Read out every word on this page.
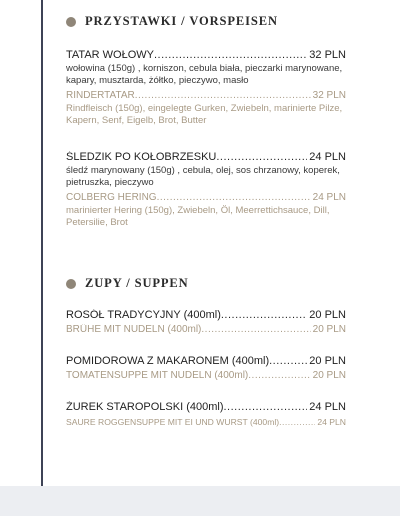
PRZYSTAWKI / VORSPEISEN
TATAR WOŁOWY .....	32 PLN
wołowina (150g) , korniszon, cebula biała, pieczarki marynowane, kapary, musztarda, żółtko, pieczywo, masło
RINDERTATAR .....	32 PLN
Rindfleisch (150g), eingelegte Gurken, Zwiebeln, marinierte Pilze, Kapern, Senf, Eigelb, Brot, Butter
ŚLEDZIK PO KOŁOBRZESKU .....	24 PLN
śledź marynowany (150g) , cebula, olej, sos chrzanowy, koperek, pietruszka, pieczywo
COLBERG HERING .....	24 PLN
marinierter Hering (150g), Zwiebeln, Öl, Meerrettichsauce, Dill, Petersilie, Brot
ZUPY / SUPPEN
ROSÓŁ TRADYCYJNY (400ml) .....	20 PLN
BRÜHE MIT NUDELN (400ml) .....	20 PLN
POMIDOROWA Z MAKARONEM (400ml) .....	20 PLN
TOMATENSUPPE MIT NUDELN (400ml) .....	20 PLN
ŻUREK STAROPOLSKI (400ml) .....	24 PLN
SAURE ROGGENSUPPE MIT EI UND WURST (400ml) .....	24 PLN
